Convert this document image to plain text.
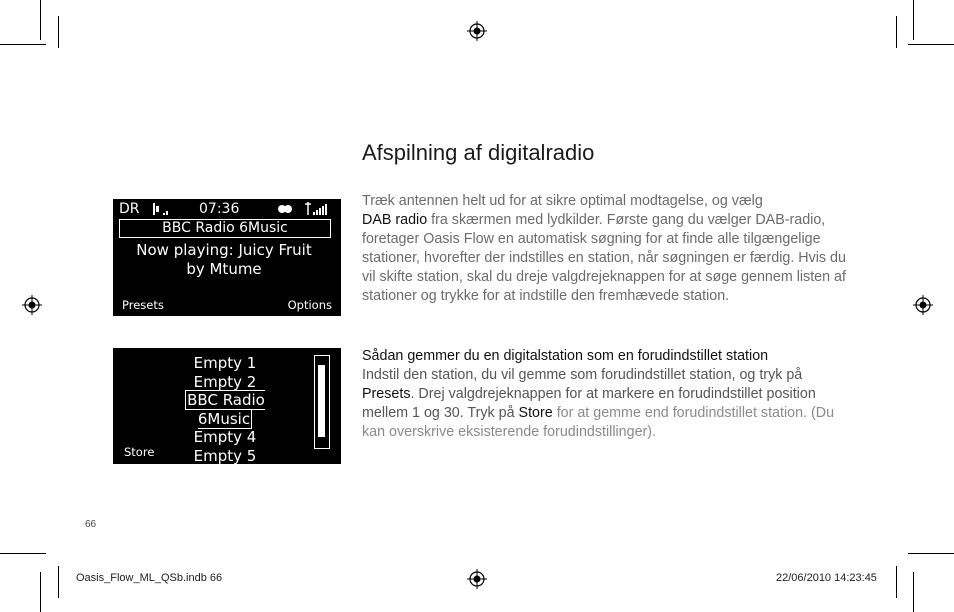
Afspilning af digitalradio
Træk antennen helt ud for at sikre optimal modtagelse, og vælg
DAB radio fra skærmen med lydkilder. Første gang du vælger DAB-radio, foretager Oasis Flow en automatisk søgning for at finde alle tilgængelige stationer, hvorefter der indstilles en station, når søgningen er færdig. Hvis du vil skifte station, skal du dreje valgdrejeknappen for at søge gennem listen af stationer og trykke for at indstille den fremhævede station.
Sådan gemmer du en digitalstation som en forudindstillet station
Indstil den station, du vil gemme som forudindstillet station, og tryk på Presets. Drej valgdrejeknappen for at markere en forudindstillet position mellem 1 og 30. Tryk på Store for at gemme end forudindstillet station. (Du kan overskrive eksisterende forudindstillinger).
DR	07:36
BBC Radio 6Music
Now playing: Juicy Fruit
by Mtume
Presets	Options
Empty 1
Empty 2
BBC Radio 6Music
Empty 4
Empty 5
Store
66
Oasis_Flow_ML_QSb.indb 66	22/06/2010 14:23:45
